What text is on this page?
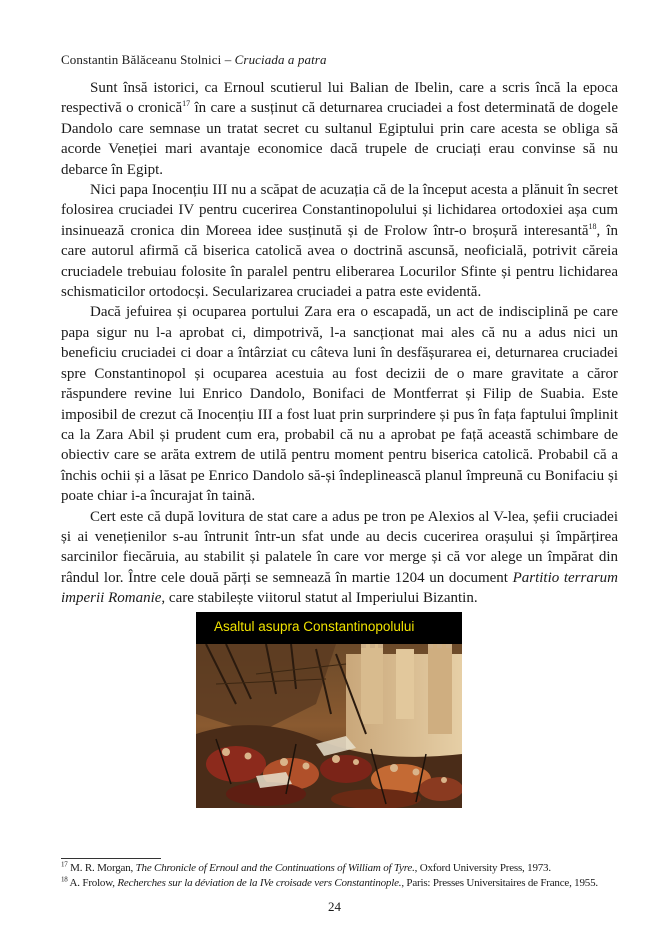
Constantin Bălăceanu Stolnici – Cruciada a patra

Sunt însă istorici, ca Ernoul scutierul lui Balian de Ibelin, care a scris încă la epoca respectivă o cronică$^{17}$ în care a susținut că deturnarea cruciadei a fost determinată de dogele Dandolo care semnase un tratat secret cu sultanul Egiptului prin care acesta se obliga să acorde Veneției mari avantaje economice dacă trupele de cruciați erau convinse să nu debarce în Egipt.

Nici papa Inocențiu III nu a scăpat de acuzația că de la început acesta a plănuit în secret folosirea cruciadei IV pentru cucerirea Constantinopolului și lichidarea ortodoxiei așa cum insinuează cronica din Moreea idee susținută și de Frolow într-o broșură interesantă$^{18}$, în care autorul afirmă că biserica catolică avea o doctrină ascunsă, neoficială, potrivit căreia cruciadele trebuiau folosite în paralel pentru eliberarea Locurilor Sfinte și pentru lichidarea schismaticilor ortodocși. Secularizarea cruciadei a patra este evidentă.

Dacă jefuirea și ocuparea portului Zara era o escapadă, un act de indisciplină pe care papa sigur nu l-a aprobat ci, dimpotrivă, l-a sancționat mai ales că nu a adus nici un beneficiu cruciadei ci doar a întârziat cu câteva luni în desfășurarea ei, deturnarea cruciadei spre Constantinopol și ocuparea acestuia au fost decizii de o mare gravitate a căror răspundere revine lui Enrico Dandolo, Bonifaci de Montferrat și Filip de Suabia. Este imposibil de crezut că Inocențiu III a fost luat prin surprindere și pus în fața faptului împlinit ca la Zara Abil și prudent cum era, probabil că nu a aprobat pe față această schimbare de obiectiv care se arăta extrem de utilă pentru moment pentru biserica catolică. Probabil că a închis ochii și a lăsat pe Enrico Dandolo să-și îndeplinească planul împreună cu Bonifaciu și poate chiar i-a încurajat în taină.

Cert este că după lovitura de stat care a adus pe tron pe Alexios al V-lea, șefii cruciadei și ai venețienilor s-au întrunit într-un sfat unde au decis cucerirea orașului și împărțirea sarcinilor fiecăruia, au stabilit și palatele în care vor merge și că vor alege un împărat din rândul lor. Între cele două părți se semnează în martie 1204 un document Partitio terrarum imperii Romanie, care stabilește viitorul statut al Imperiului Bizantin.

Asaltul asupra Constantinopolului

$^{17}$ M. R. Morgan, The Chronicle of Ernoul and the Continuations of William of Tyre., Oxford University Press, 1973.

$^{18}$ A. Frolow, Recherches sur la déviation de la IVe croisade vers Constantinople., Paris: Presses Universitaires de France, 1955.

24
